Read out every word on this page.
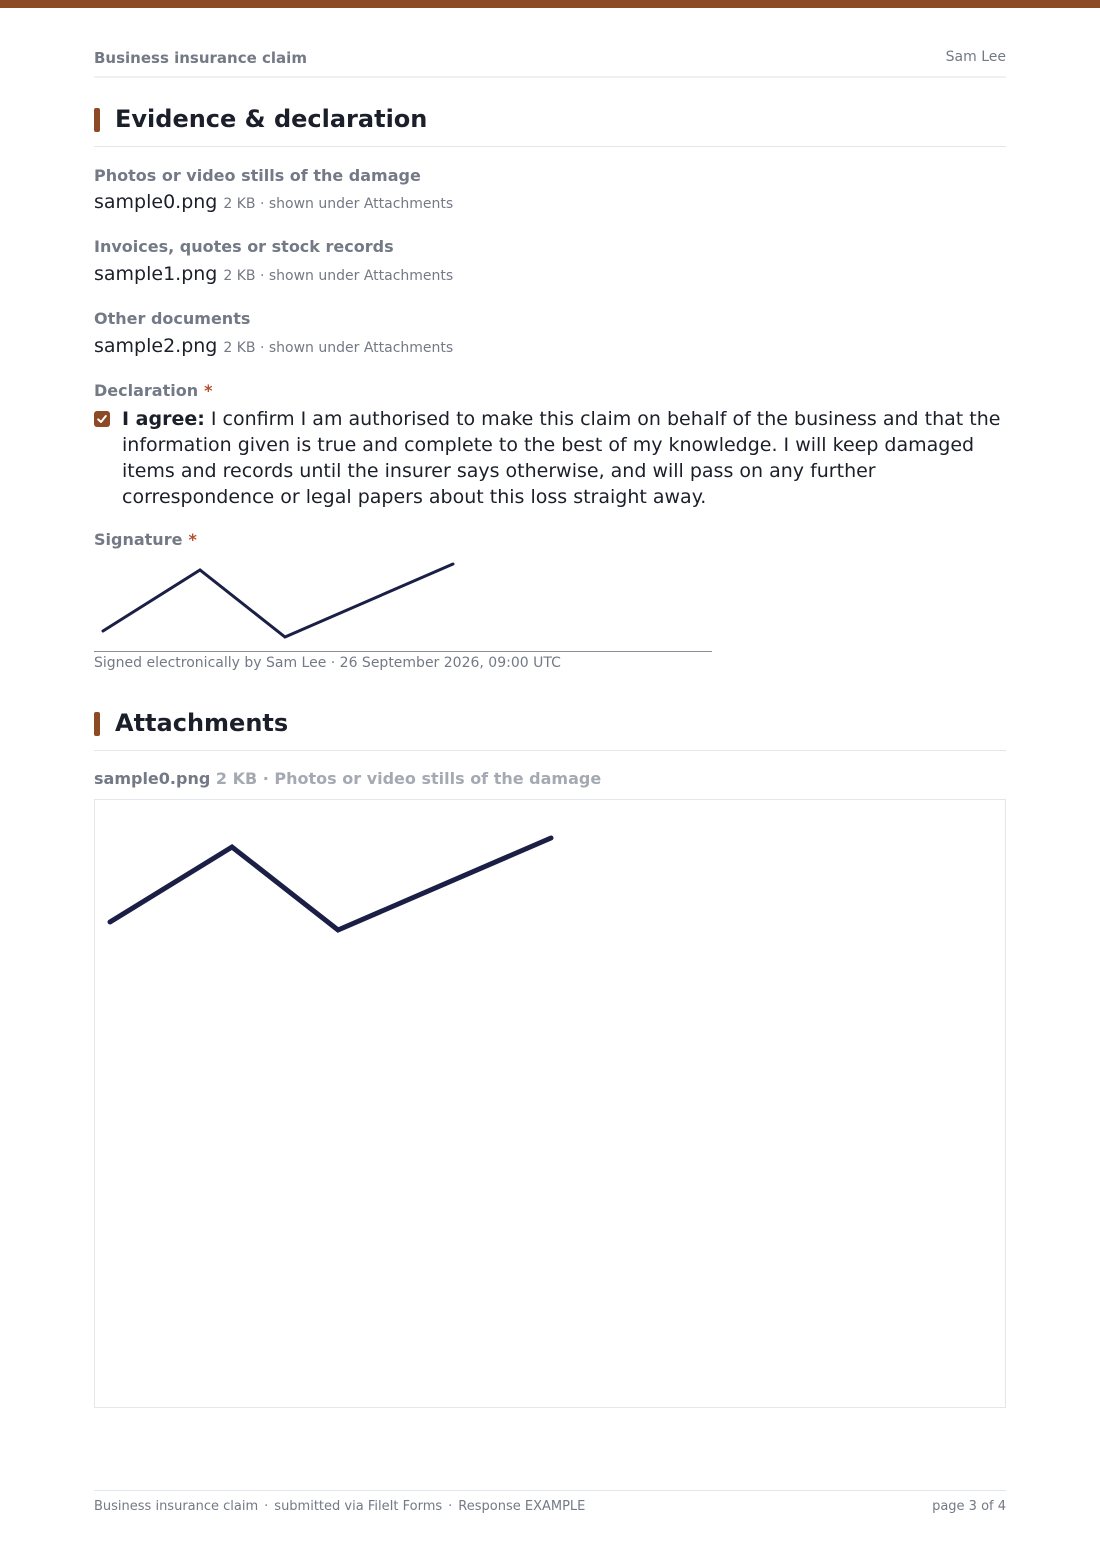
Business insurance claim	Sam Lee
Evidence & declaration
Photos or video stills of the damage
sample0.png 2 KB · shown under Attachments
Invoices, quotes or stock records
sample1.png 2 KB · shown under Attachments
Other documents
sample2.png 2 KB · shown under Attachments
Declaration *
I agree: I confirm I am authorised to make this claim on behalf of the business and that the information given is true and complete to the best of my knowledge. I will keep damaged items and records until the insurer says otherwise, and will pass on any further correspondence or legal papers about this loss straight away.
Signature *
Signed electronically by Sam Lee · 26 September 2026, 09:00 UTC
Attachments
sample0.png 2 KB · Photos or video stills of the damage
Business insurance claim · submitted via FileIt Forms · Response EXAMPLE	page 3 of 4
